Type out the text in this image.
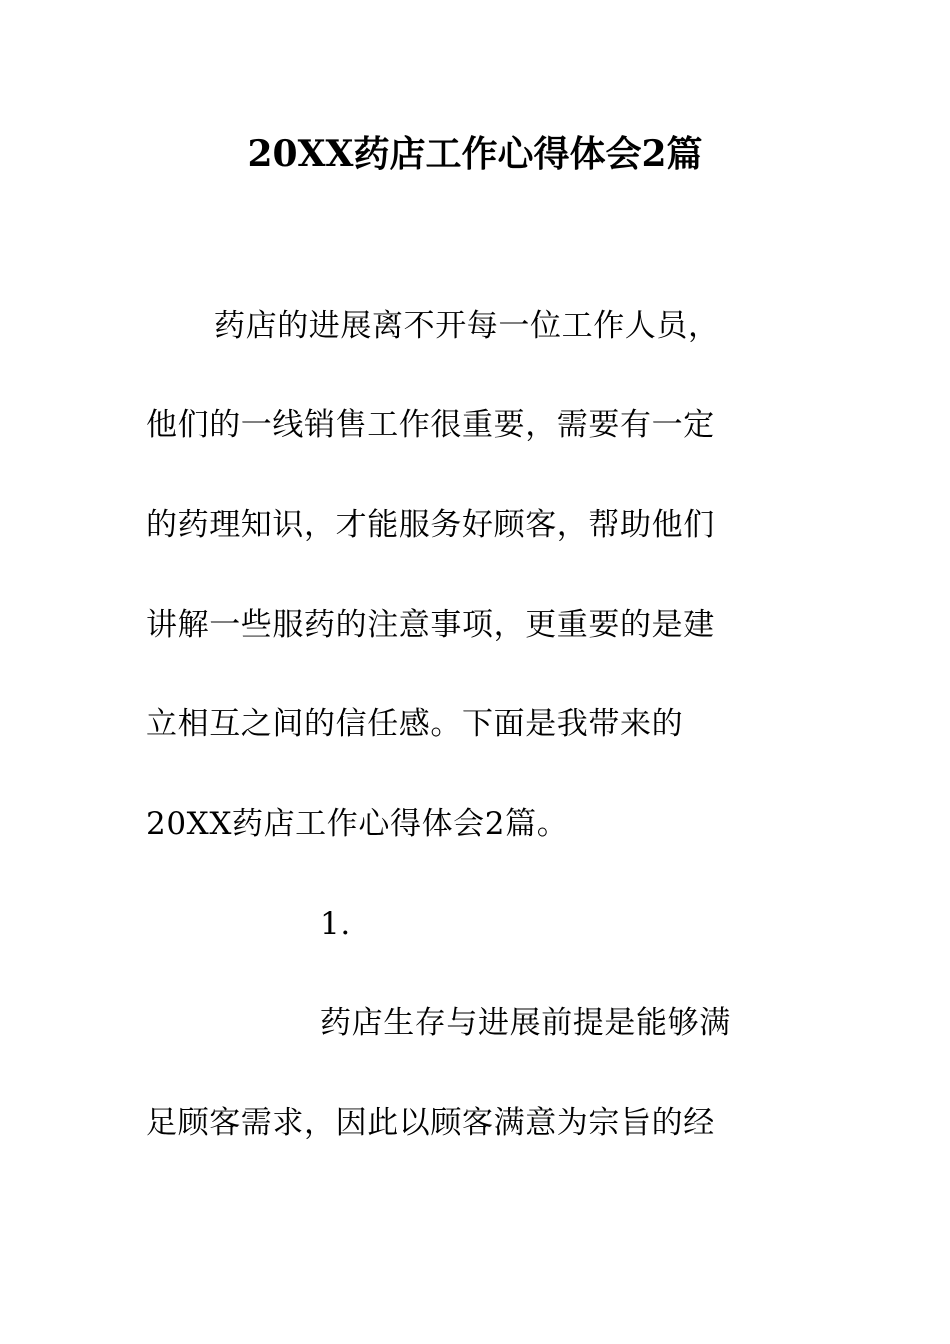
20XX药店工作心得体会2篇
药店的进展离不开每一位工作人员，
他们的一线销售工作很重要，需要有一定
的药理知识，才能服务好顾客，帮助他们
讲解一些服药的注意事项，更重要的是建
立相互之间的信任感。下面是我带来的
20XX药店工作心得体会2篇。
1.
药店生存与进展前提是能够满
足顾客需求，因此以顾客满意为宗旨的经
